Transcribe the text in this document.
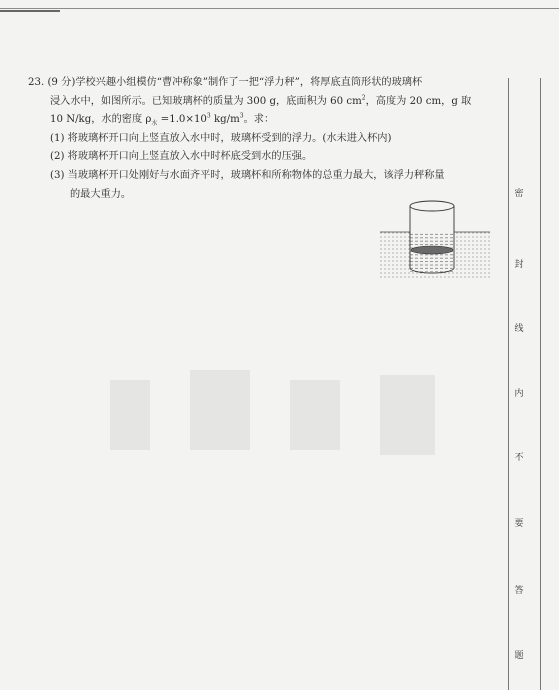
23. (9 分)学校兴趣小组模仿“曹冲称象”制作了一把“浮力秤”，将厚底直筒形状的玻璃杯

浸入水中，如图所示。已知玻璃杯的质量为 300 g，底面积为 60 $cm^2$，高度为 20 cm，g 取

10 N/kg，水的密度 $\rho_水 =1.0\times 10^3$ $kg/m^3$。求：

(1) 将玻璃杯开口向上竖直放入水中时，玻璃杯受到的浮力。(水未进入杯内)

(2) 将玻璃杯开口向上竖直放入水中时杯底受到水的压强。

(3) 当玻璃杯开口处刚好与水面齐平时，玻璃杯和所称物体的总重力最大，该浮力秤称量

的最大重力。	密
封
线
内
不
要
答
题
